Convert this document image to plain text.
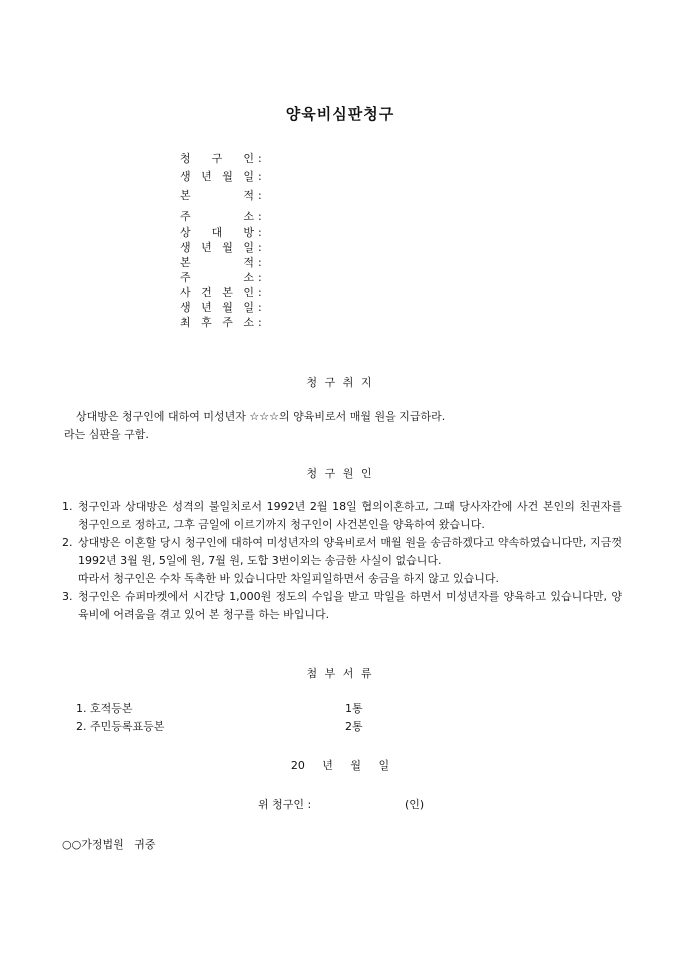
양육비심판청구
청 구 인 :
생 년 월 일 :
본	적 :
주	소 :
상 대 방 :
생 년 월 일 :
본	적 :
주	소 :
사 건 본 인 :
생 년 월 일 :
최 후 주 소 :
청 구 취 지
상대방은 청구인에 대하여 미성년자 ☆☆☆의 양육비로서 매월 원을 지급하라.
라는 심판을 구함.
청 구 원 인
1. 청구인과 상대방은 성격의 불일치로서 1992년 2월 18일 협의이혼하고, 그때 당사자간에 사건 본인의 친권자를 청구인으로 정하고, 그후 금일에 이르기까지 청구인이 사건본인을 양육하여 왔습니다.
2. 상대방은 이혼할 당시 청구인에 대하여 미성년자의 양육비로서 매월 원을 송금하겠다고 약속하였습니다만, 지금껏 1992년 3월 원, 5일에 원, 7월 원, 도합 3번이외는 송금한 사실이 없습니다.
따라서 청구인은 수차 독촉한 바 있습니다만 차일피일하면서 송금을 하지 않고 있습니다.
3. 청구인은 슈퍼마켓에서 시간당 1,000원 정도의 수입을 받고 막일을 하면서 미성년자를 양육하고 있습니다만, 양육비에 어려움을 겪고 있어 본 청구를 하는 바입니다.
첨 부 서 류
1. 호적등본	1통
2. 주민등록표등본	2통
20     년     월     일
위 청구인 :	(인)
○○가정법원   귀중
